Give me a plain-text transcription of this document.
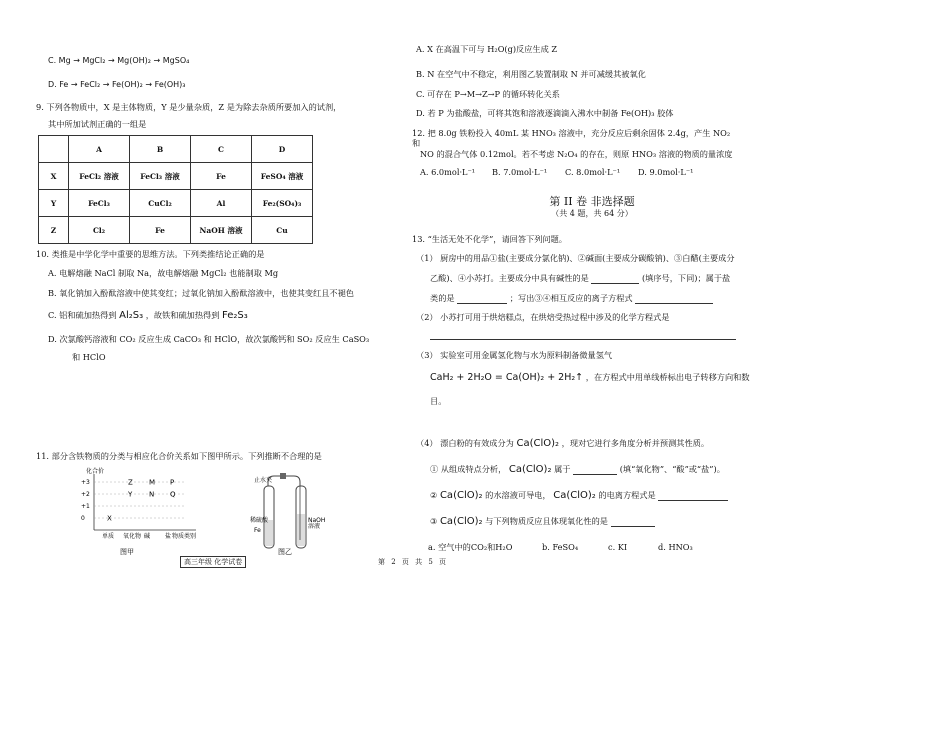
C. Mg → MgCl₂ → Mg(OH)₂ → MgSO₄
D. Fe → FeCl₂ → Fe(OH)₂ → Fe(OH)₃
9. 下列各物质中，X 是主体物质，Y 是少量杂质，Z 是为除去杂质所要加入的试剂，
其中所加试剂正确的一组是
	A	B	C	D
X	FeCl₂ 溶液	FeCl₃ 溶液	Fe	FeSO₄ 溶液
Y	FeCl₃	CuCl₂	Al	Fe₂(SO₄)₃
Z	Cl₂	Fe	NaOH 溶液	Cu
10. 类推是中学化学中重要的思维方法。下列类推结论正确的是
A. 电解熔融 NaCl 制取 Na，故电解熔融 MgCl₂ 也能制取 Mg
B. 氧化钠加入酚酞溶液中使其变红；过氧化钠加入酚酞溶液中，也使其变红且不褪色
C. 铝和硫加热得到 Al₂S₃ ，故铁和硫加热得到 Fe₂S₃
D. 次氯酸钙溶液和 CO₂ 反应生成 CaCO₃ 和 HClO，故次氯酸钙和 SO₂ 反应生 CaSO₃
和 HClO
11. 部分含铁物质的分类与相应化合价关系如下图甲所示。下列推断不合理的是
化合价
物质类别
+3
+2
+1
0
单质 氧化物 碱 盐
X
Z M P
Y N Q
图甲
止水夹
稀硫酸
Fe
NaOH
溶液
图乙
高三年级 化学试卷	第 2 页 共 5 页
A. X 在高温下可与 H₂O(g)反应生成 Z
B. N 在空气中不稳定，利用图乙装置制取 N 并可减缓其被氧化
C. 可存在 P→M→Z→P 的循环转化关系
D. 若 P 为盐酸盐，可将其饱和溶液逐滴滴入沸水中制备 Fe(OH)₃ 胶体
12. 把 8.0g 铁粉投入 40mL 某 HNO₃ 溶液中，充分反应后剩余固体 2.4g，产生 NO₂
和
NO 的混合气体 0.12mol。若不考虑 N₂O₄ 的存在，则原 HNO₃ 溶液的物质的量浓度
A. 6.0mol·L⁻¹ B. 7.0mol·L⁻¹ C. 8.0mol·L⁻¹ D. 9.0mol·L⁻¹
第 II 卷 非选择题
（共 4 题，共 64 分）
13. “生活无处不化学”，请回答下列问题。
（1） 厨房中的用品①盐(主要成分氯化钠)、②碱面(主要成分碳酸钠)、③白醋(主要成分
乙酸)、④小苏打。主要成分中具有碱性的是	(填序号，下同)；属于盐
类的是	；写出③④相互反应的离子方程式
（2） 小苏打可用于烘焙糕点，在烘焙受热过程中涉及的化学方程式是
（3） 实验室可用金属氢化物与水为原料制备微量氢气
CaH₂ + 2H₂O = Ca(OH)₂ + 2H₂↑ ，在方程式中用单线桥标出电子转移方向和数
目。
（4） 漂白粉的有效成分为 Ca(ClO)₂ ，现对它进行多角度分析并预测其性质。
① 从组成特点分析， Ca(ClO)₂ 属于	(填“氧化物”、“酸”或“盐”)。
② Ca(ClO)₂ 的水溶液可导电， Ca(ClO)₂ 的电离方程式是
③ Ca(ClO)₂ 与下列物质反应且体现氧化性的是
a. 空气中的CO₂和H₂O	b. FeSO₄	c. KI	d. HNO₃
